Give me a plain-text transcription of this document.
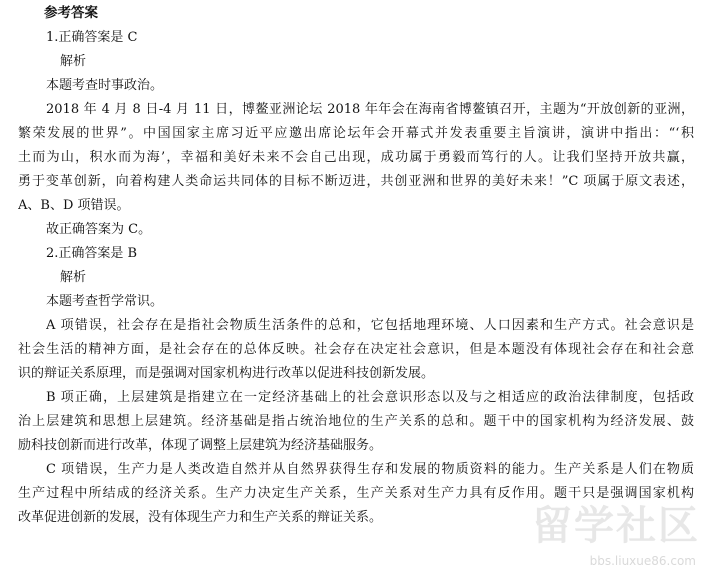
参考答案
1.正确答案是 C
解析
本题考查时事政治。
2018 年 4 月 8 日-4 月 11 日，博鳌亚洲论坛 2018 年年会在海南省博鳌镇召开，主题为“开放创新的亚洲，
繁荣发展的世界”。中国国家主席习近平应邀出席论坛年会开幕式并发表重要主旨演讲，演讲中指出：“‘积
土而为山，积水而为海’，幸福和美好未来不会自己出现，成功属于勇毅而笃行的人。让我们坚持开放共赢，
勇于变革创新，向着构建人类命运共同体的目标不断迈进，共创亚洲和世界的美好未来！”C 项属于原文表述，
A、B、D 项错误。
故正确答案为 C。
2.正确答案是 B
解析
本题考查哲学常识。
A 项错误，社会存在是指社会物质生活条件的总和，它包括地理环境、人口因素和生产方式。社会意识是
社会生活的精神方面，是社会存在的总体反映。社会存在决定社会意识，但是本题没有体现社会存在和社会意
识的辩证关系原理，而是强调对国家机构进行改革以促进科技创新发展。
B 项正确，上层建筑是指建立在一定经济基础上的社会意识形态以及与之相适应的政治法律制度，包括政
治上层建筑和思想上层建筑。经济基础是指占统治地位的生产关系的总和。题干中的国家机构为经济发展、鼓
励科技创新而进行改革，体现了调整上层建筑为经济基础服务。
C 项错误，生产力是人类改造自然并从自然界获得生存和发展的物质资料的能力。生产关系是人们在物质
生产过程中所结成的经济关系。生产力决定生产关系，生产关系对生产力具有反作用。题干只是强调国家机构
改革促进创新的发展，没有体现生产力和生产关系的辩证关系。	留学社区
bbs.liuxue86.com
